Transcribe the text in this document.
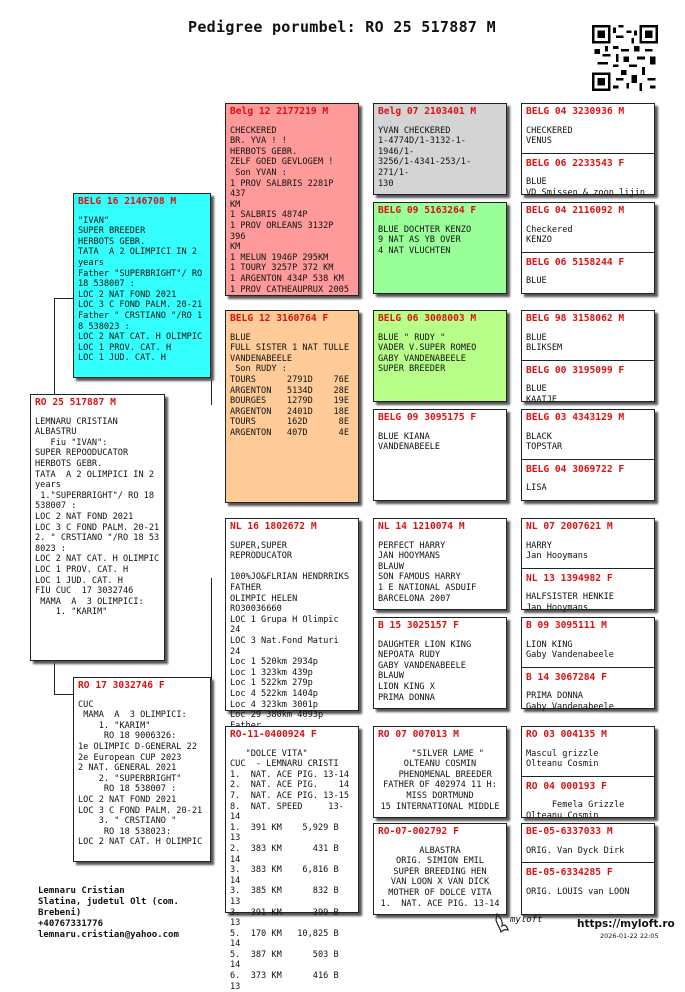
Pedigree porumbel: RO 25 517887 M
RO 25 517887 M
LEMNARU CRISTIAN
ALBASTRU
Fiu "IVAN":
SUPER REPOODUCATOR
HERBOTS GEBR.
TATA  A 2 OLIMPICI IN 2
years
1."SUPERBRIGHT"/ RO 18
538007 :
LOC 2 NAT FOND 2021
LOC 3 C FOND PALM. 20-21
2. " CRSTIANO "/RO 18 53
8023 :
LOC 2 NAT CAT. H OLIMPIC
LOC 1 PROV. CAT. H
LOC 1 JUD. CAT. H
FIU CUC  17 3032746
MAMA  A  3 OLIMPICI:
1. "KARIM"
BELG 16 2146708 M
"IVAN"
SUPER BREEDER
HERBOTS GEBR.
TATA  A 2 OLIMPICI IN 2
years
Father "SUPERBRIGHT"/ RO
18 538007 :
LOC 2 NAT FOND 2021
LOC 3 C FOND PALM. 20-21
Father " CRSTIANO "/RO 1
8 538023 :
LOC 2 NAT CAT. H OLIMPIC
LOC 1 PROV. CAT. H
LOC 1 JUD. CAT. H
RO 17 3032746 F
CUC
MAMA  A  3 OLIMPICI:
1. "KARIM"
RO 18 9006326:
1e OLIMPIC D-GENERAL 22
2e European CUP 2023
2 NAT. GENERAL 2021
2. "SUPERBRIGHT"
RO 18 538007 :
LOC 2 NAT FOND 2021
LOC 3 C FOND PALM. 20-21
3. " CRSTIANO "
RO 18 538023:
LOC 2 NAT CAT. H OLIMPIC
Belg 12 2177219 M
CHECKERED
BR. YVA ! !
HERBOTS GEBR.
ZELF GOED GEVLOGEM !
Son YVAN :
1 PROV SALBRIS 2281P 437
KM
1 SALBRIS 4874P
1 PROV ORLEANS 3132P 396
KM
1 MELUN 1946P 295KM
1 TOURY 3257P 372 KM
1 ARGENTON 434P 538 KM
1 PROV CATHEAUPRUX 2005
BELG 12 3160764 F
BLUE
FULL SISTER 1 NAT TULLE
VANDENABEELE
Son RUDY :
TOURS      2791D    76E
ARGENTON   5134D    28E
BOURGES    1279D    19E
ARGENTON   2401D    18E
TOURS      162D      8E
ARGENTON   407D      4E
NL 16 1802672 M
SUPER,SUPER REPRODUCATOR

100%JO&FLRIAN HENDRRIKS
FATHER
OLIMPIC HELEN RO30036660
LOC 1 Grupa H Olimpic 24
LOC 3 Nat.Fond Maturi 24
Loc 1 520km 2934p
Loc 1 323km 439p
Loc 1 522km 279p
Loc 4 522km 1404p
Loc 4 323km 3001p
Loc 29 380km 4093p
RO-11-0400924 F
"DOLCE VITA"
CUC  - LEMNARU CRISTI
1.  NAT. ACE PIG. 13-14
2.  NAT. ACE PIG.    14
7.  NAT. ACE PIG. 13-15
8.  NAT. SPEED     13-14
1.  391 KM    5,929 B 13
2.  383 KM      431 B 14
3.  383 KM    6,816 B 14
3.  385 KM      832 B 13
3.  391 KM      399 B 13
5.  170 KM   10,825 B 14
5.  387 KM      503 B 14
6.  373 KM      416 B 13
Belg 07 2103401 M
YVAN CHECKERED
1-4774D/1-3132-1-1946/1-
3256/1-4341-253/1-271/1-
130
BELG 09 5163264 F
BLUE DOCHTER KENZO
9 NAT AS YB OVER
4 NAT VLUCHTEN
BELG 06 3008003 M
BLUE " RUDY "
VADER V.SUPER ROMEO
GABY VANDENABEELE
SUPER BREEDER
BELG 09 3095175 F
BLUE KIANA
VANDENABEELE
NL 14 1210074 M
PERFECT HARRY
JAN HOOYMANS
BLAUW
SON FAMOUS HARRY
1 E NATIONAL ASDUIF
BARCELONA 2007
B 15 3025157 F
DAUGHTER LION KING
NEPOATA RUDY
GABY VANDENABEELE
BLAUW
LION KING X
PRIMA DONNA
RO 07 007013 M
"SILVER LAME "
OLTEANU COSMIN
PHENOMENAL BREEDER
FATHER OF 402974 11 H:
MISS DORTMUND
15 INTERNATIONAL MIDDLE
RO-07-002792 F
ALBASTRA
ORIG. SIMION EMIL
SUPER BREEDING HEN
VAN LOON X VAN DICK
MOTHER OF DOLCE VITA
1.  NAT. ACE PIG. 13-14
BELG 04 3230936 M
CHECKERED
VENUS
BELG 06 2233543 F
BLUE
VD Smissen & zoon lijin
BELG 04 2116092 M
Checkered
KENZO
BELG 06 5158244 F
BLUE
BELG 98 3158062 M
BLUE
BLIKSEM
BELG 00 3195099 F
BLUE
KAATJE
BELG 03 4343129 M
BLACK
TOPSTAR
BELG 04 3069722 F
LISA
NL 07 2007621 M
HARRY
Jan Hooymans
NL 13 1394982 F
HALFSISTER HENKIE
Jan Hooymans
B 09 3095111 M
LION KING
Gaby Vandenabeele
B 14 3067284 F
PRIMA DONNA
Gaby Vandenabeele
RO 03 004135 M
Mascul grizzle
Olteanu Cosmin
RO 04 000193 F
Femela Grizzle
Olteanu Cosmin
BE-05-6337033 M
ORIG. Van Dyck Dirk
BE-05-6334285 F
ORIG. LOUIS van LOON
Lemnaru Cristian
Slatina, judetul Olt (com.
Brebeni)
+40767331776
lemnaru.cristian@yahoo.com
myloft	https://myloft.ro
2026-01-22 22:05
